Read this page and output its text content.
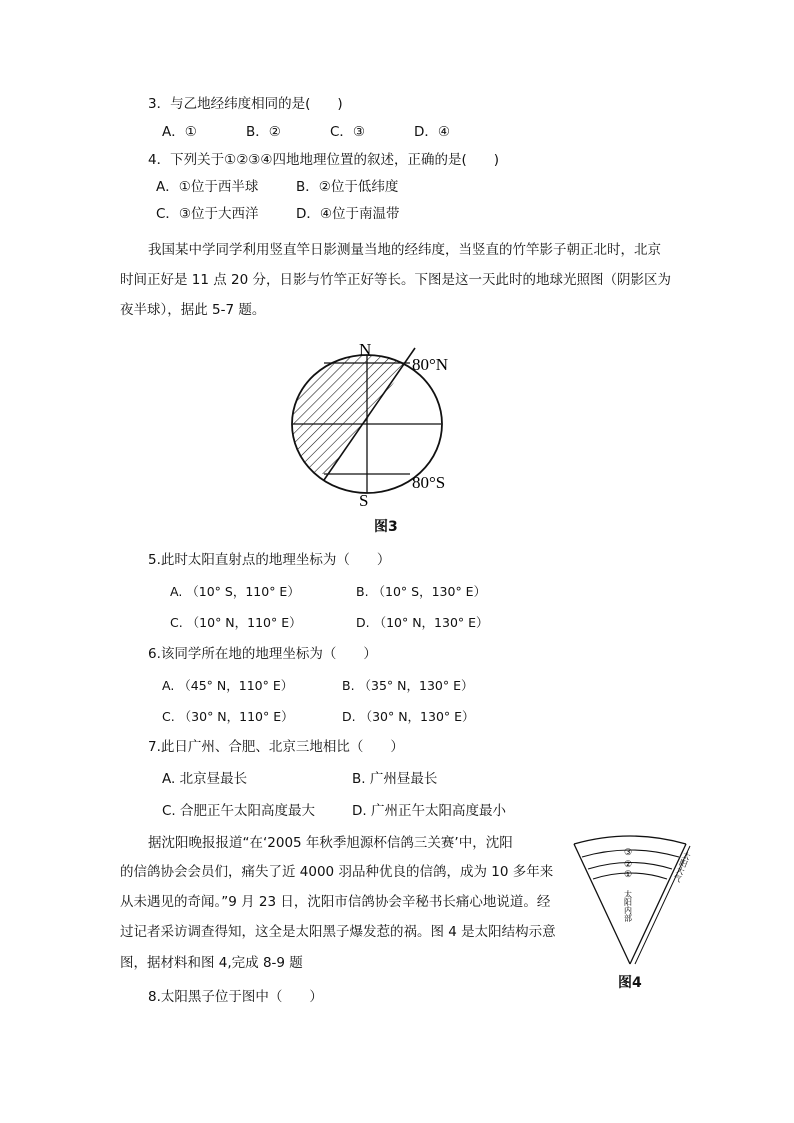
3．与乙地经纬度相同的是(　　)
A．①	B．②	C．③	D．④
4．下列关于①②③④四地地理位置的叙述，正确的是(　　)
A．①位于西半球	B．②位于低纬度
C．③位于大西洋	D．④位于南温带
我国某中学同学利用竖直竿日影测量当地的经纬度，当竖直的竹竿影子朝正北时，北京
时间正好是 11 点 20 分，日影与竹竿正好等长。下图是这一天此时的地球光照图（阴影区为
夜半球），据此 5-7 题。
N
S
80°N
80°S
图3
5.此时太阳直射点的地理坐标为（　　）
A. （10° S，110° E）	B. （10° S，130° E）
C. （10° N，110° E）	D. （10° N，130° E）
6.该同学所在地的地理坐标为（　　）
A. （45° N，110° E）	B. （35° N，130° E）
C. （30° N，110° E）	D. （30° N，130° E）
7.此日广州、合肥、北京三地相比（　　）
A. 北京昼最长	B. 广州昼最长
C. 合肥正午太阳高度最大	D. 广州正午太阳高度最小
据沈阳晚报报道“在‘2005 年秋季旭源杯信鸽三关赛’中，沈阳
的信鸽协会会员们，痛失了近 4000 羽品种优良的信鸽，成为 10 多年来
从未遇见的奇闻。”9 月 23 日，沈阳市信鸽协会辛秘书长痛心地说道。经
过记者采访调查得知，这全是太阳黑子爆发惹的祸。图 4 是太阳结构示意
图，据材料和图 4,完成 8-9 题
③
②
①
太阳内部
太阳大气
图4
8.太阳黑子位于图中（　　）
